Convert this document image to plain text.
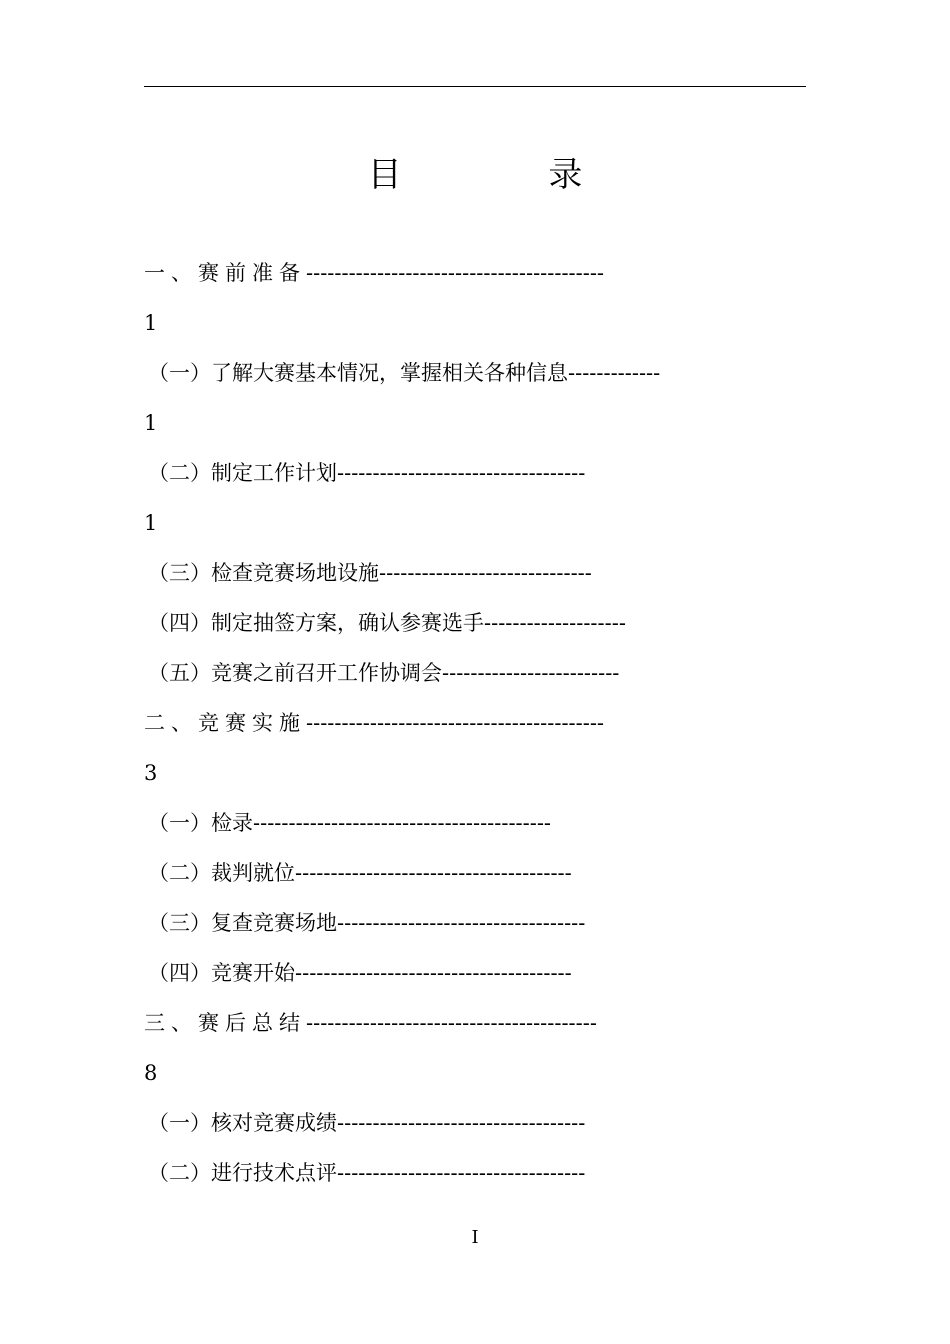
目 录
一、赛前准备------------------------------------------
1
（一）了解大赛基本情况，掌握相关各种信息-------------
1
（二）制定工作计划-----------------------------------
1
（三）检查竞赛场地设施------------------------------
（四）制定抽签方案，确认参赛选手--------------------
（五）竞赛之前召开工作协调会-------------------------
二、竞赛实施------------------------------------------
3
（一）检录------------------------------------------
（二）裁判就位---------------------------------------
（三）复查竞赛场地-----------------------------------
（四）竞赛开始---------------------------------------
三、赛后总结-----------------------------------------
8
（一）核对竞赛成绩-----------------------------------
（二）进行技术点评-----------------------------------
I
